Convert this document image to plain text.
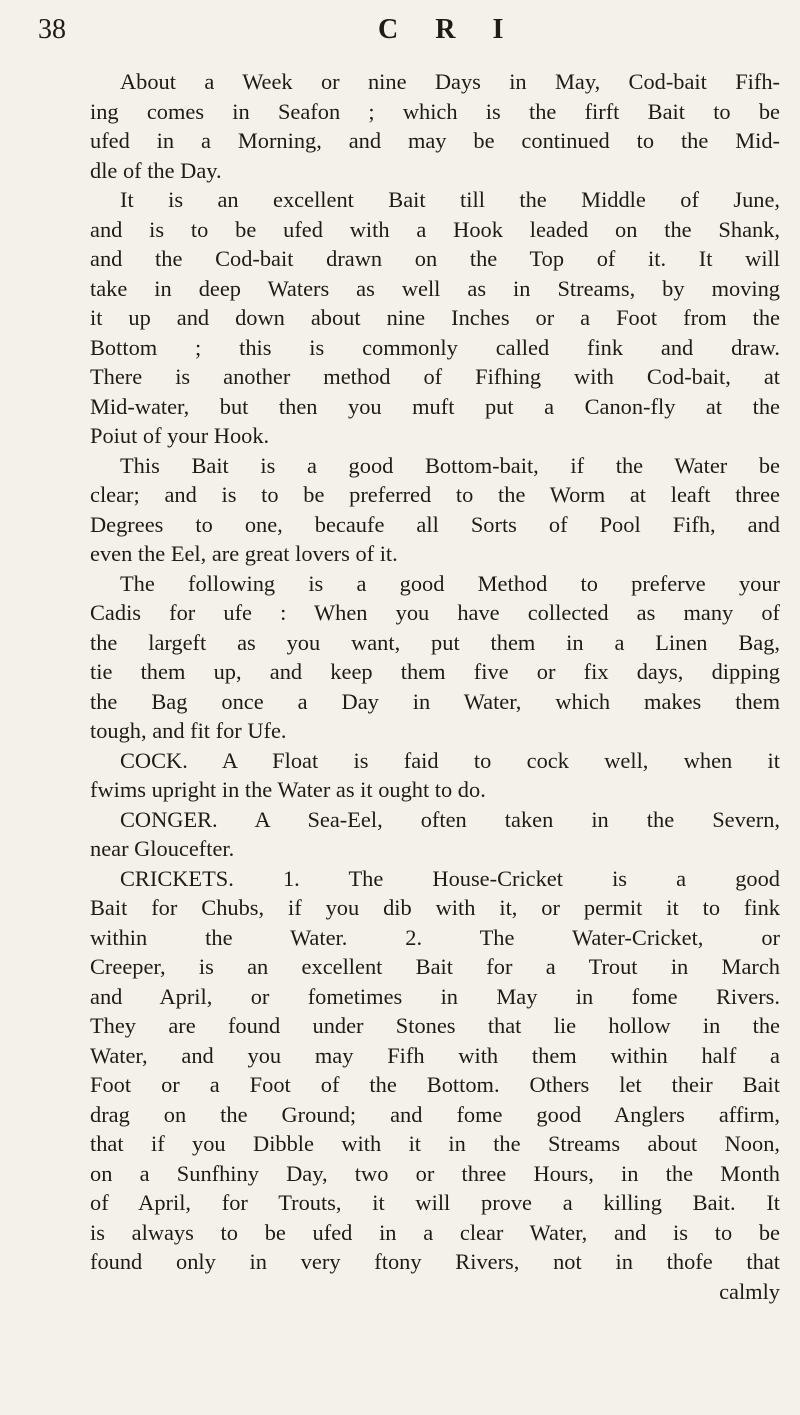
38	C R I
About a Week or nine Days in May, Cod-bait Fifh-
ing comes in Seafon ; which is the firft Bait to be
ufed in a Morning, and may be continued to the Mid-
dle of the Day.
It is an excellent Bait till the Middle of June,
and is to be ufed with a Hook leaded on the Shank,
and the Cod-bait drawn on the Top of it. It will
take in deep Waters as well as in Streams, by moving
it up and down about nine Inches or a Foot from the
Bottom ; this is commonly called fink and draw.
There is another method of Fifhing with Cod-bait, at
Mid-water, but then you muft put a Canon-fly at the
Poiut of your Hook.
This Bait is a good Bottom-bait, if the Water be
clear; and is to be preferred to the Worm at leaft three
Degrees to one, becaufe all Sorts of Pool Fifh, and
even the Eel, are great lovers of it.
The following is a good Method to preferve your
Cadis for ufe : When you have collected as many of
the largeft as you want, put them in a Linen Bag,
tie them up, and keep them five or fix days, dipping
the Bag once a Day in Water, which makes them
tough, and fit for Ufe.
COCK. A Float is faid to cock well, when it
fwims upright in the Water as it ought to do.
CONGER. A Sea-Eel, often taken in the Severn,
near Gloucefter.
CRICKETS. 1. The House-Cricket is a good
Bait for Chubs, if you dib with it, or permit it to fink
within the Water. 2. The Water-Cricket, or
Creeper, is an excellent Bait for a Trout in March
and April, or fometimes in May in fome Rivers.
They are found under Stones that lie hollow in the
Water, and you may Fifh with them within half a
Foot or a Foot of the Bottom. Others let their Bait
drag on the Ground; and fome good Anglers affirm,
that if you Dibble with it in the Streams about Noon,
on a Sunfhiny Day, two or three Hours, in the Month
of April, for Trouts, it will prove a killing Bait. It
is always to be ufed in a clear Water, and is to be
found only in very ftony Rivers, not in thofe that
calmly
